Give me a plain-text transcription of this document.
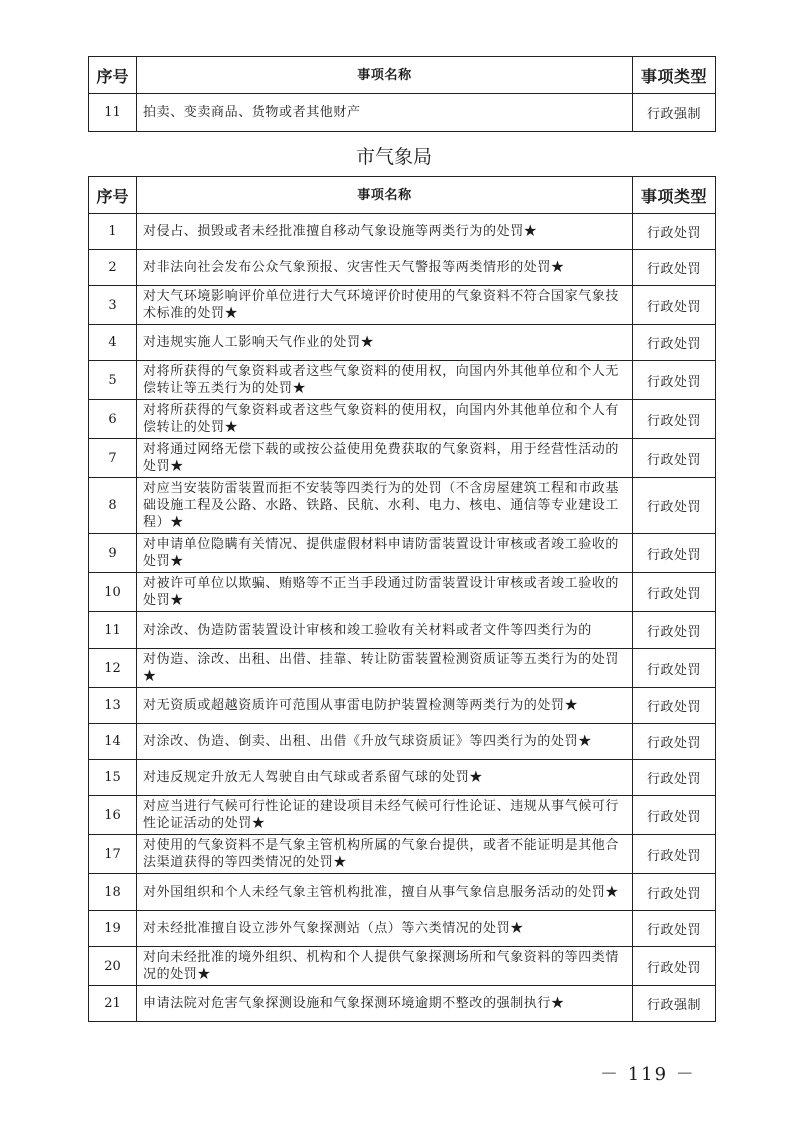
序号	事项名称	事项类型
11	拍卖、变卖商品、货物或者其他财产	行政强制
市气象局
序号	事项名称	事项类型
1	对侵占、损毁或者未经批准擅自移动气象设施等两类行为的处罚★	行政处罚
2	对非法向社会发布公众气象预报、灾害性天气警报等两类情形的处罚★	行政处罚
3	对大气环境影响评价单位进行大气环境评价时使用的气象资料不符合国家气象技术标准的处罚★	行政处罚
4	对违规实施人工影响天气作业的处罚★	行政处罚
5	对将所获得的气象资料或者这些气象资料的使用权，向国内外其他单位和个人无偿转让等五类行为的处罚★	行政处罚
6	对将所获得的气象资料或者这些气象资料的使用权，向国内外其他单位和个人有偿转让的处罚★	行政处罚
7	对将通过网络无偿下载的或按公益使用免费获取的气象资料，用于经营性活动的处罚★	行政处罚
8	对应当安装防雷装置而拒不安装等四类行为的处罚（不含房屋建筑工程和市政基础设施工程及公路、水路、铁路、民航、水利、电力、核电、通信等专业建设工程）★	行政处罚
9	对申请单位隐瞒有关情况、提供虚假材料申请防雷装置设计审核或者竣工验收的处罚★	行政处罚
10	对被许可单位以欺骗、贿赂等不正当手段通过防雷装置设计审核或者竣工验收的处罚★	行政处罚
11	对涂改、伪造防雷装置设计审核和竣工验收有关材料或者文件等四类行为的	行政处罚
12	对伪造、涂改、出租、出借、挂靠、转让防雷装置检测资质证等五类行为的处罚★	行政处罚
13	对无资质或超越资质许可范围从事雷电防护装置检测等两类行为的处罚★	行政处罚
14	对涂改、伪造、倒卖、出租、出借《升放气球资质证》等四类行为的处罚★	行政处罚
15	对违反规定升放无人驾驶自由气球或者系留气球的处罚★	行政处罚
16	对应当进行气候可行性论证的建设项目未经气候可行性论证、违规从事气候可行性论证活动的处罚★	行政处罚
17	对使用的气象资料不是气象主管机构所属的气象台提供，或者不能证明是其他合法渠道获得的等四类情况的处罚★	行政处罚
18	对外国组织和个人未经气象主管机构批准，擅自从事气象信息服务活动的处罚★	行政处罚
19	对未经批准擅自设立涉外气象探测站（点）等六类情况的处罚★	行政处罚
20	对向未经批准的境外组织、机构和个人提供气象探测场所和气象资料的等四类情况的处罚★	行政处罚
21	申请法院对危害气象探测设施和气象探测环境逾期不整改的强制执行★	行政强制
－ 119 －
